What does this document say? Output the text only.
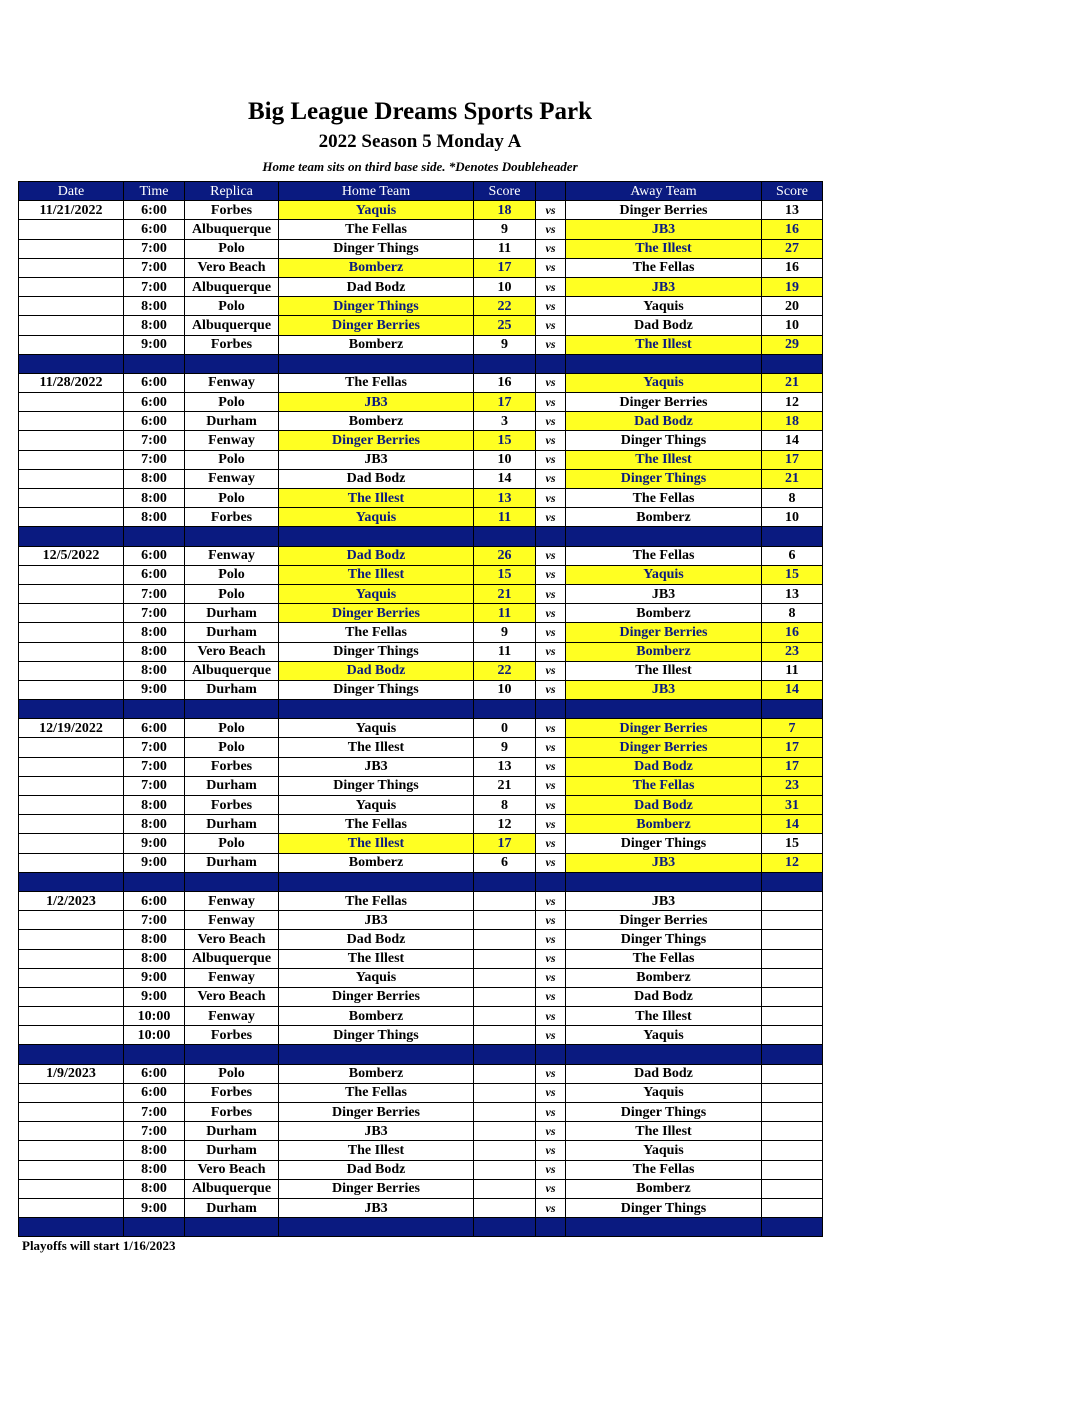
Big League Dreams Sports Park
2022 Season 5 Monday A
Home team sits on third base side. *Denotes Doubleheader
Date	Time	Replica	Home Team	Score		Away Team	Score
11/21/2022	6:00	Forbes	Yaquis	18	vs	Dinger Berries	13
	6:00	Albuquerque	The Fellas	9	vs	JB3	16
	7:00	Polo	Dinger Things	11	vs	The Illest	27
	7:00	Vero Beach	Bomberz	17	vs	The Fellas	16
	7:00	Albuquerque	Dad Bodz	10	vs	JB3	19
	8:00	Polo	Dinger Things	22	vs	Yaquis	20
	8:00	Albuquerque	Dinger Berries	25	vs	Dad Bodz	10
	9:00	Forbes	Bomberz	9	vs	The Illest	29

11/28/2022	6:00	Fenway	The Fellas	16	vs	Yaquis	21
	6:00	Polo	JB3	17	vs	Dinger Berries	12
	6:00	Durham	Bomberz	3	vs	Dad Bodz	18
	7:00	Fenway	Dinger Berries	15	vs	Dinger Things	14
	7:00	Polo	JB3	10	vs	The Illest	17
	8:00	Fenway	Dad Bodz	14	vs	Dinger Things	21
	8:00	Polo	The Illest	13	vs	The Fellas	8
	8:00	Forbes	Yaquis	11	vs	Bomberz	10

12/5/2022	6:00	Fenway	Dad Bodz	26	vs	The Fellas	6
	6:00	Polo	The Illest	15	vs	Yaquis	15
	7:00	Polo	Yaquis	21	vs	JB3	13
	7:00	Durham	Dinger Berries	11	vs	Bomberz	8
	8:00	Durham	The Fellas	9	vs	Dinger Berries	16
	8:00	Vero Beach	Dinger Things	11	vs	Bomberz	23
	8:00	Albuquerque	Dad Bodz	22	vs	The Illest	11
	9:00	Durham	Dinger Things	10	vs	JB3	14

12/19/2022	6:00	Polo	Yaquis	0	vs	Dinger Berries	7
	7:00	Polo	The Illest	9	vs	Dinger Berries	17
	7:00	Forbes	JB3	13	vs	Dad Bodz	17
	7:00	Durham	Dinger Things	21	vs	The Fellas	23
	8:00	Forbes	Yaquis	8	vs	Dad Bodz	31
	8:00	Durham	The Fellas	12	vs	Bomberz	14
	9:00	Polo	The Illest	17	vs	Dinger Things	15
	9:00	Durham	Bomberz	6	vs	JB3	12

1/2/2023	6:00	Fenway	The Fellas		vs	JB3	
	7:00	Fenway	JB3		vs	Dinger Berries	
	8:00	Vero Beach	Dad Bodz		vs	Dinger Things	
	8:00	Albuquerque	The Illest		vs	The Fellas	
	9:00	Fenway	Yaquis		vs	Bomberz	
	9:00	Vero Beach	Dinger Berries		vs	Dad Bodz	
	10:00	Fenway	Bomberz		vs	The Illest	
	10:00	Forbes	Dinger Things		vs	Yaquis	

1/9/2023	6:00	Polo	Bomberz		vs	Dad Bodz	
	6:00	Forbes	The Fellas		vs	Yaquis	
	7:00	Forbes	Dinger Berries		vs	Dinger Things	
	7:00	Durham	JB3		vs	The Illest	
	8:00	Durham	The Illest		vs	Yaquis	
	8:00	Vero Beach	Dad Bodz		vs	The Fellas	
	8:00	Albuquerque	Dinger Berries		vs	Bomberz	
	9:00	Durham	JB3		vs	Dinger Things	

Playoffs will start 1/16/2023
